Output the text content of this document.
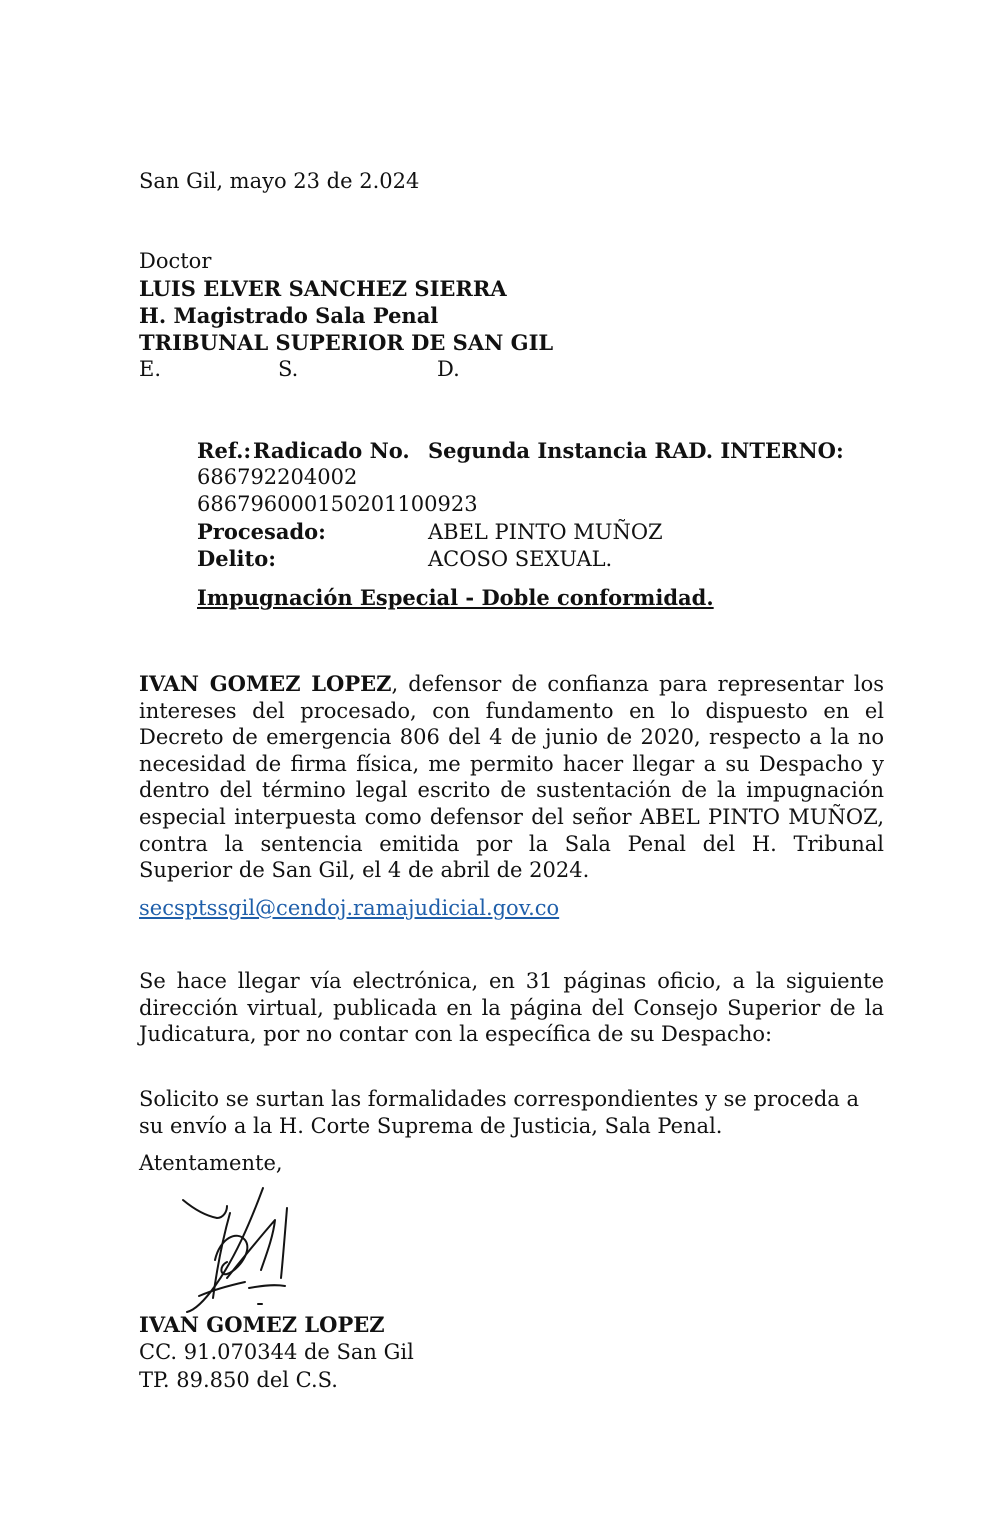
San Gil, mayo 23 de 2.024
Doctor
LUIS ELVER SANCHEZ SIERRA
H. Magistrado Sala Penal
TRIBUNAL SUPERIOR DE SAN GIL
E.	S.	D.
Ref.:Radicado No. Segunda Instancia RAD. INTERNO:
686792204002
686796000150201100923
Procesado:	ABEL PINTO MUÑOZ
Delito:	ACOSO SEXUAL.
Impugnación Especial - Doble conformidad.
IVAN GOMEZ LOPEZ, defensor de confianza para representar los intereses del procesado, con fundamento en lo dispuesto en el Decreto de emergencia 806 del 4 de junio de 2020, respecto a la no necesidad de firma física, me permito hacer llegar a su Despacho y dentro del término legal escrito de sustentación de la impugnación especial interpuesta como defensor del señor ABEL PINTO MUÑOZ, contra la sentencia emitida por la Sala Penal del H. Tribunal Superior de San Gil, el 4 de abril de 2024.
secsptssgil@cendoj.ramajudicial.gov.co
Se hace llegar vía electrónica, en 31 páginas oficio, a la siguiente dirección virtual, publicada en la página del Consejo Superior de la Judicatura, por no contar con la específica de su Despacho:
Solicito se surtan las formalidades correspondientes y se proceda a su envío a la H. Corte Suprema de Justicia, Sala Penal.
Atentamente,
IVAN GOMEZ LOPEZ
CC. 91.070344 de San Gil
TP. 89.850 del C.S.
